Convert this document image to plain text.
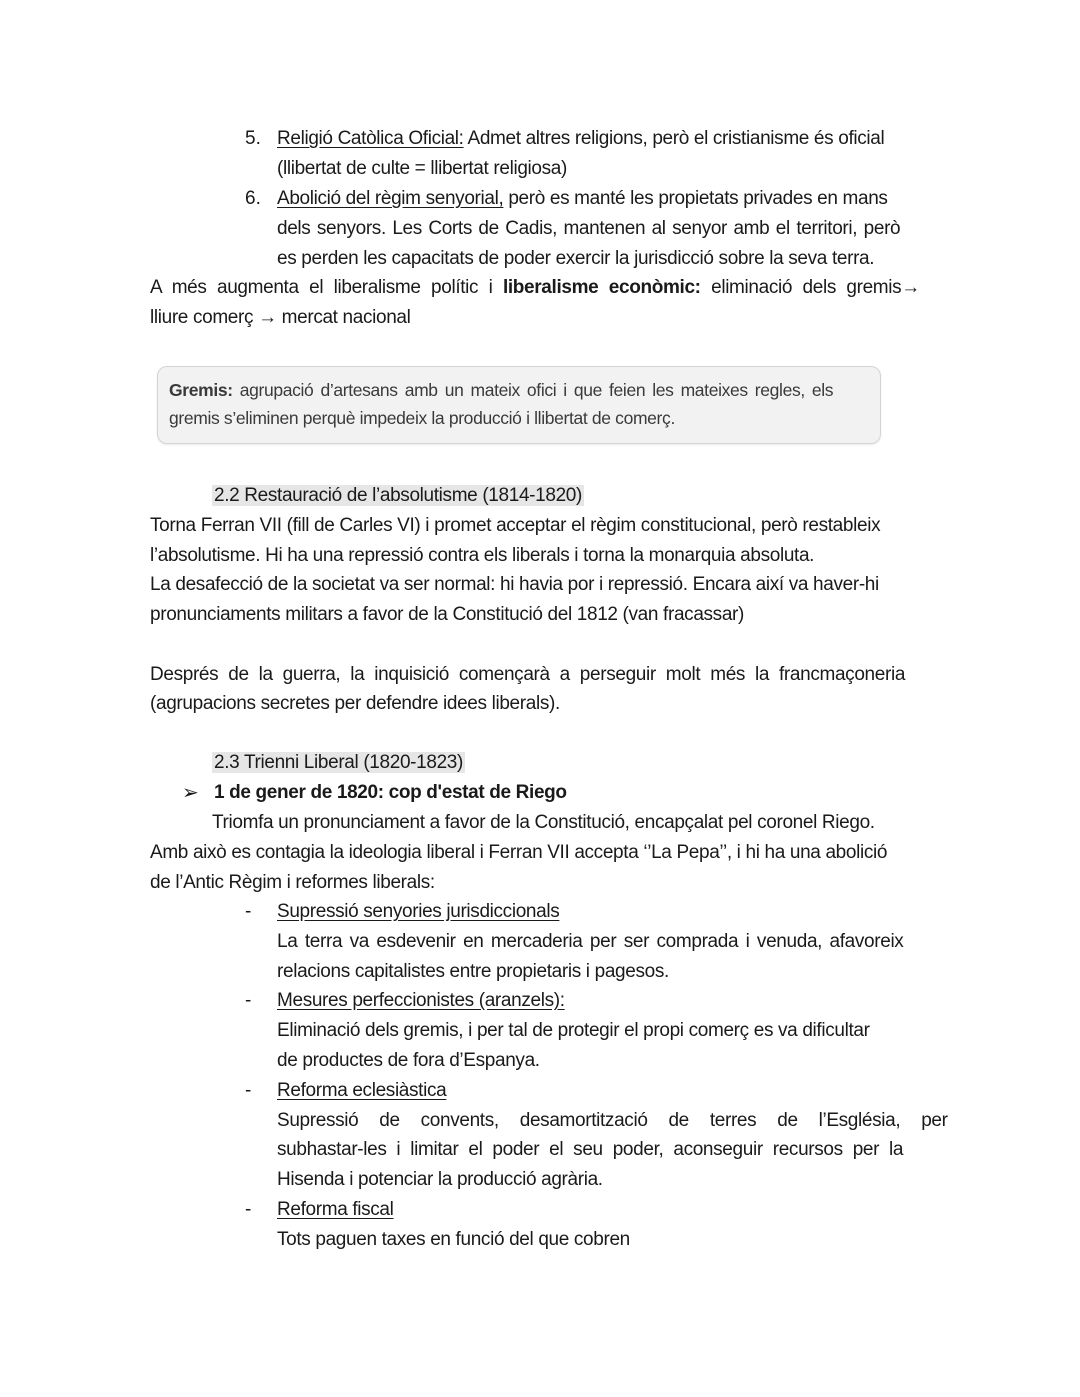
5. Religió Catòlica Oficial: Admet altres religions, però el cristianisme és oficial
(llibertat de culte = llibertat religiosa)
6. Abolició del règim senyorial, però es manté les propietats privades en mans
dels senyors. Les Corts de Cadis, mantenen al senyor amb el territori, però
es perden les capacitats de poder exercir la jurisdicció sobre la seva terra.
A més augmenta el liberalisme polític i liberalisme econòmic: eliminació dels gremis→
lliure comerç → mercat nacional
Gremis: agrupació d’artesans amb un mateix ofici i que feien les mateixes regles, els
gremis s’eliminen perquè impedeix la producció i llibertat de comerç.
2.2 Restauració de l’absolutisme (1814-1820)
Torna Ferran VII (fill de Carles VI) i promet acceptar el règim constitucional, però restableix
l’absolutisme. Hi ha una repressió contra els liberals i torna la monarquia absoluta.
La desafecció de la societat va ser normal: hi havia por i repressió. Encara així va haver-hi
pronunciaments militars a favor de la Constitució del 1812 (van fracassar)
Després de la guerra, la inquisició començarà a perseguir molt més la francmaçoneria
(agrupacions secretes per defendre idees liberals).
2.3 Trienni Liberal (1820-1823)
➢ 1 de gener de 1820: cop d'estat de Riego
Triomfa un pronunciament a favor de la Constitució, encapçalat pel coronel Riego.
Amb això es contagia la ideologia liberal i Ferran VII accepta ‘’La Pepa’’, i hi ha una abolició
de l’Antic Règim i reformes liberals:
- Supressió senyories jurisdiccionals
La terra va esdevenir en mercaderia per ser comprada i venuda, afavoreix
relacions capitalistes entre propietaris i pagesos.
- Mesures perfeccionistes (aranzels):
Eliminació dels gremis, i per tal de protegir el propi comerç es va dificultar
de productes de fora d’Espanya.
- Reforma eclesiàstica
Supressió de convents, desamortització de terres de l’Església, per
subhastar-les i limitar el poder el seu poder, aconseguir recursos per la
Hisenda i potenciar la producció agrària.
- Reforma fiscal
Tots paguen taxes en funció del que cobren
